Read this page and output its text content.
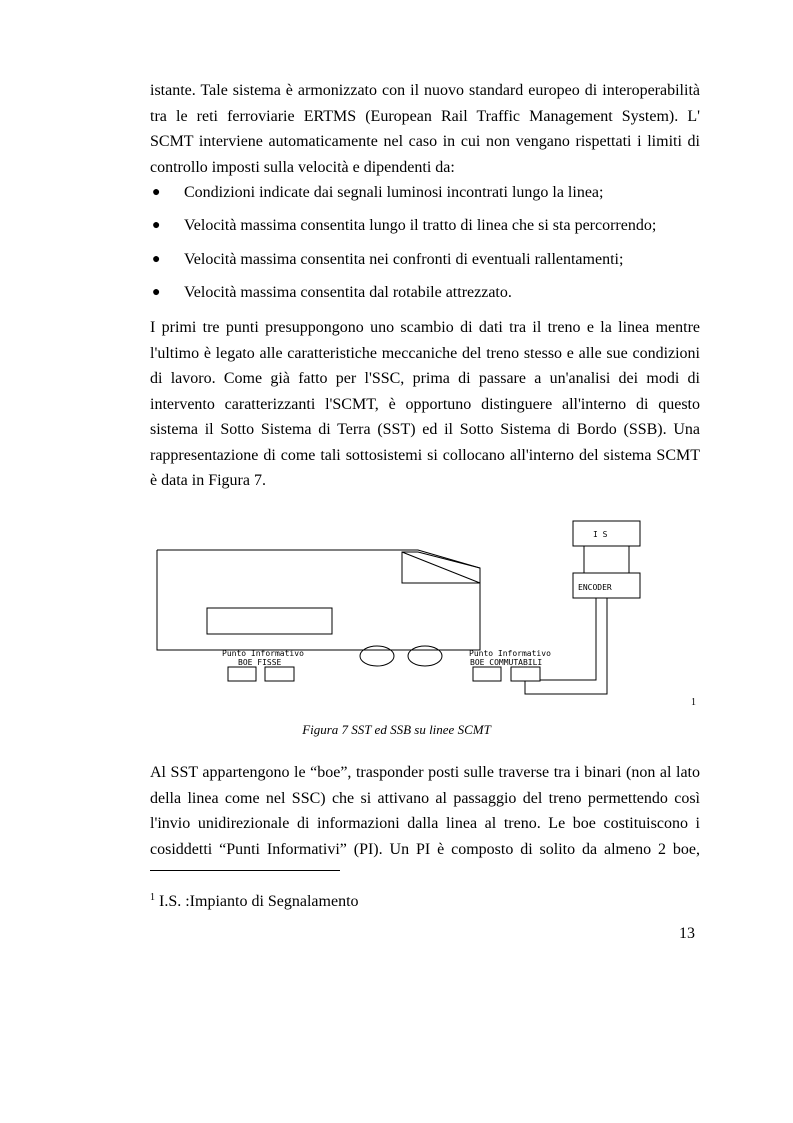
istante. Tale sistema è armonizzato con il nuovo standard europeo di interoperabilità
tra le reti ferroviarie ERTMS (European Rail Traffic Management System). L'
SCMT interviene automaticamente nel caso in cui non vengano rispettati i limiti di
controllo imposti sulla velocità e dipendenti da:
● Condizioni indicate dai segnali luminosi incontrati lungo la linea;
● Velocità massima consentita lungo il tratto di linea che si sta percorrendo;
● Velocità massima consentita nei confronti di eventuali rallentamenti;
● Velocità massima consentita dal rotabile attrezzato.
I primi tre punti presuppongono uno scambio di dati tra il treno e la linea mentre
l'ultimo è legato alle caratteristiche meccaniche del treno stesso e alle sue condizioni
di lavoro. Come già fatto per l'SSC, prima di passare a un'analisi dei modi di
intervento caratterizzanti l'SCMT, è opportuno distinguere all'interno di questo
sistema il Sotto Sistema di Terra (SST) ed il Sotto Sistema di Bordo (SSB). Una
rappresentazione di come tali sottosistemi si collocano all'interno del sistema SCMT
è data in Figura 7.
I S
ENCODER
Punto Informativo
BOE FISSE
Punto Informativo
BOE COMMUTABILI
1
Figura 7 SST ed SSB su linee SCMT
Al SST appartengono le “boe”, trasponder posti sulle traverse tra i binari (non al lato
della linea come nel SSC) che si attivano al passaggio del treno permettendo così
l'invio unidirezionale di informazioni dalla linea al treno. Le boe costituiscono i
cosiddetti “Punti Informativi” (PI). Un PI è composto di solito da almeno 2 boe,
$^1$ I.S. :Impianto di Segnalamento
13
